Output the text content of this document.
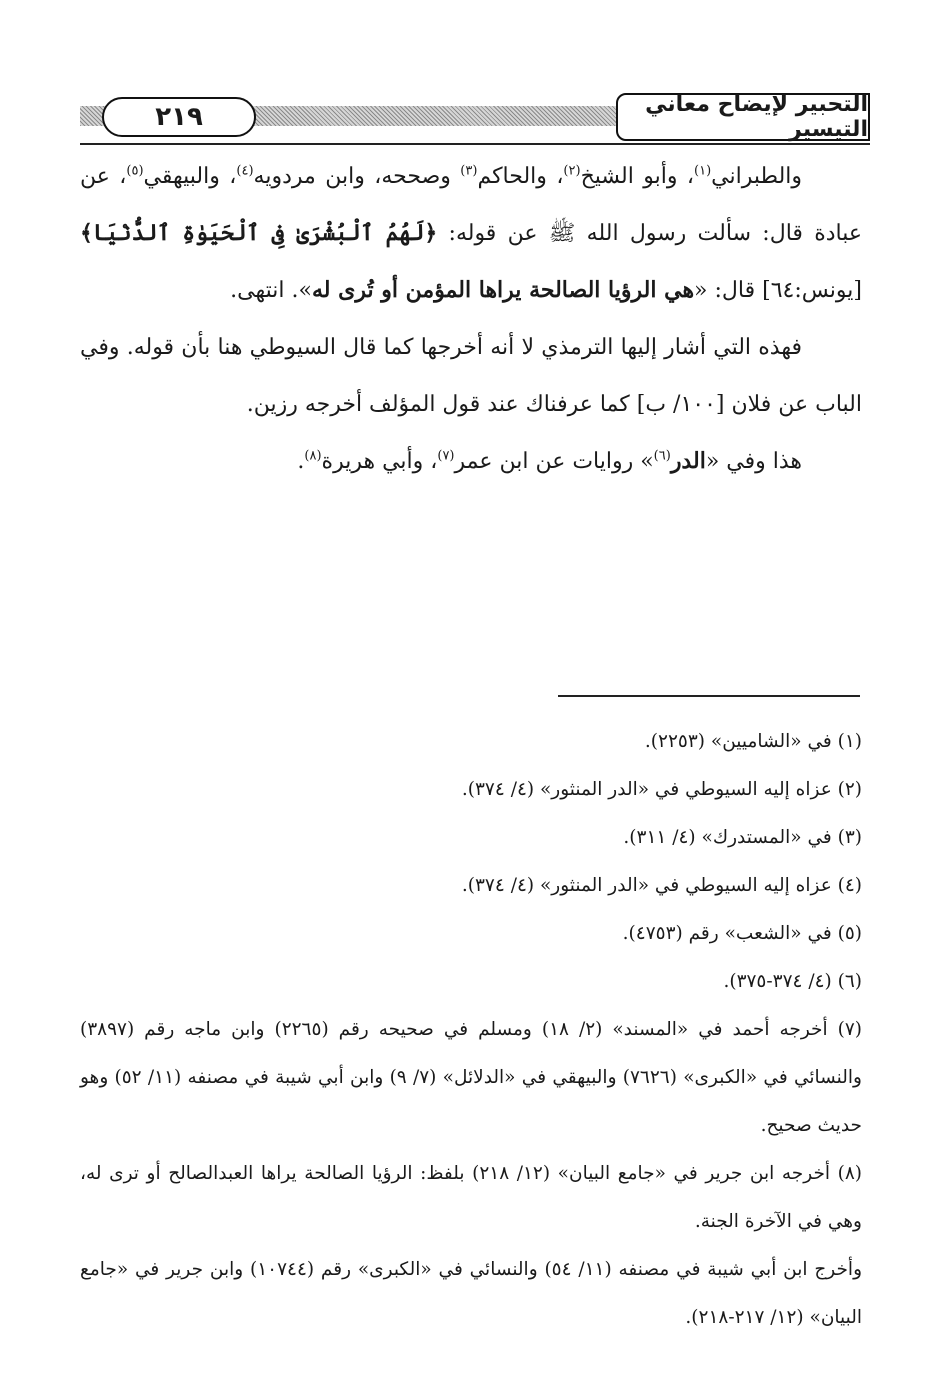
٢١٩	التحبير لإيضاح معاني التيسير

والطبراني$^{(١)}$، وأبو الشيخ$^{(٢)}$، والحاكم$^{(٣)}$ وصححه، وابن مردويه$^{(٤)}$، والبيهقي$^{(٥)}$، عن عبادة قال: سألت رسول الله ﷺ عن قوله: ﴿لَهُمُ ٱلْبُشْرَىٰ فِى ٱلْحَيَوٰةِ ٱلدُّنْيَا﴾[يونس:٦٤] قال: «هي الرؤيا الصالحة يراها المؤمن أو تُرى له». انتهى.

فهذه التي أشار إليها الترمذي لا أنه أخرجها كما قال السيوطي هنا بأن قوله. وفي الباب عن فلان [١٠٠/ ب] كما عرفناك عند قول المؤلف أخرجه رزين.

هذا وفي «الدر$^{(٦)}$» روايات عن ابن عمر$^{(٧)}$، وأبي هريرة$^{(٨)}$.

(١) في «الشاميين» (٢٢٥٣).

(٢) عزاه إليه السيوطي في «الدر المنثور» (٤/ ٣٧٤).

(٣) في «المستدرك» (٤/ ٣١١).

(٤) عزاه إليه السيوطي في «الدر المنثور» (٤/ ٣٧٤).

(٥) في «الشعب» رقم (٤٧٥٣).

(٦) (٤/ ٣٧٤-٣٧٥).

(٧) أخرجه أحمد في «المسند» (٢/ ١٨) ومسلم في صحيحه رقم (٢٢٦٥) وابن ماجه رقم (٣٨٩٧) والنسائي في «الكبرى» (٧٦٢٦) والبيهقي في «الدلائل» (٧/ ٩) وابن أبي شيبة في مصنفه (١١/ ٥٢) وهو حديث صحيح.

(٨) أخرجه ابن جرير في «جامع البيان» (١٢/ ٢١٨) بلفظ: الرؤيا الصالحة يراها العبدالصالح أو ترى له، وهي في الآخرة الجنة.

وأخرج ابن أبي شيبة في مصنفه (١١/ ٥٤) والنسائي في «الكبرى» رقم (١٠٧٤٤) وابن جرير في «جامع البيان» (١٢/ ٢١٧-٢١٨).
